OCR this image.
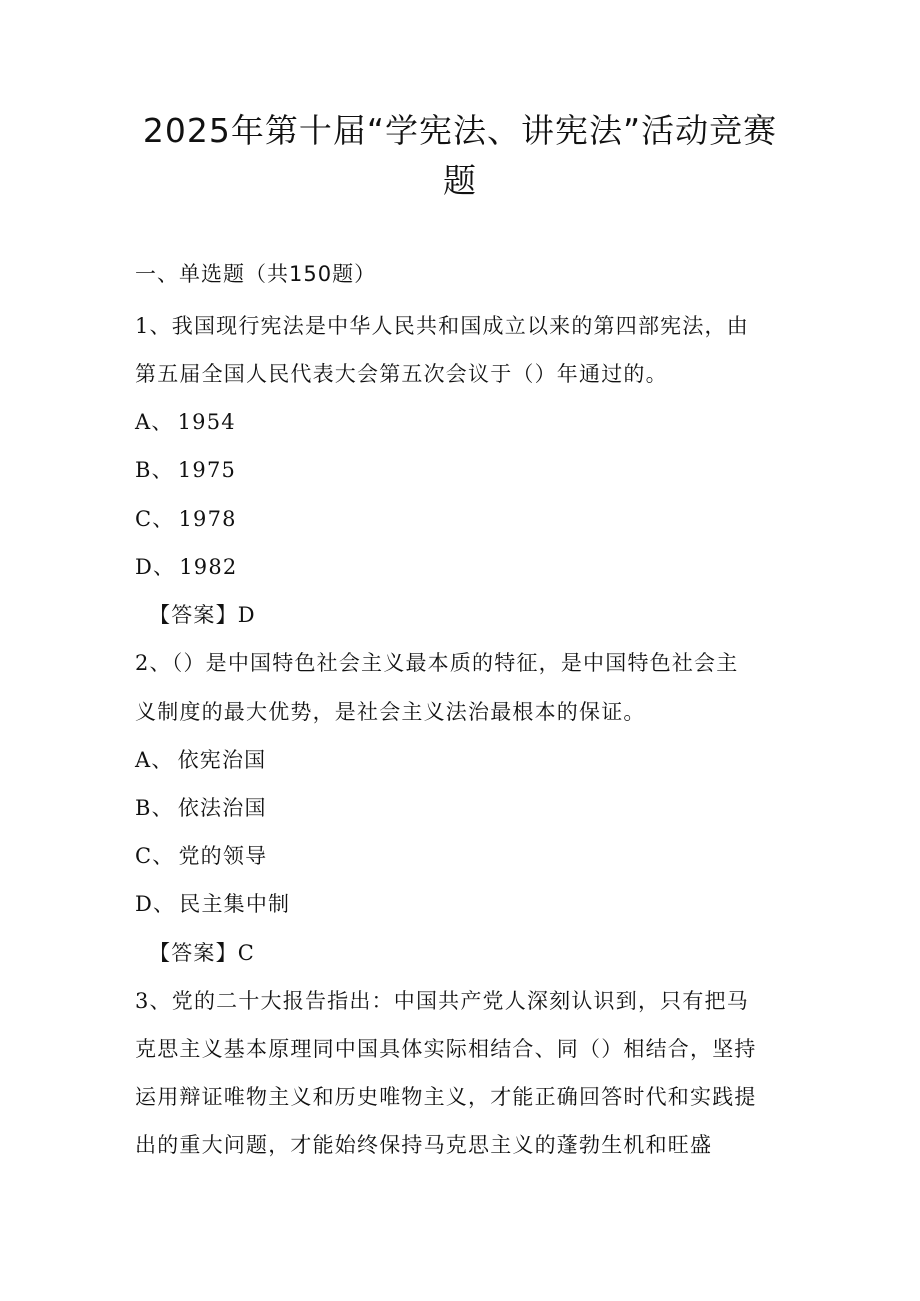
2025年第十届“学宪法、讲宪法”活动竞赛
题
一、单选题（共150题）

1、我国现行宪法是中华人民共和国成立以来的第四部宪法，由

第五届全国人民代表大会第五次会议于（）年通过的。

A、 1954

B、 1975

C、 1978

D、 1982

【答案】D

2、（）是中国特色社会主义最本质的特征，是中国特色社会主

义制度的最大优势，是社会主义法治最根本的保证。

A、 依宪治国

B、 依法治国

C、 党的领导

D、 民主集中制

【答案】C

3、党的二十大报告指出：中国共产党人深刻认识到，只有把马

克思主义基本原理同中国具体实际相结合、同（）相结合，坚持

运用辩证唯物主义和历史唯物主义，才能正确回答时代和实践提

出的重大问题，才能始终保持马克思主义的蓬勃生机和旺盛
